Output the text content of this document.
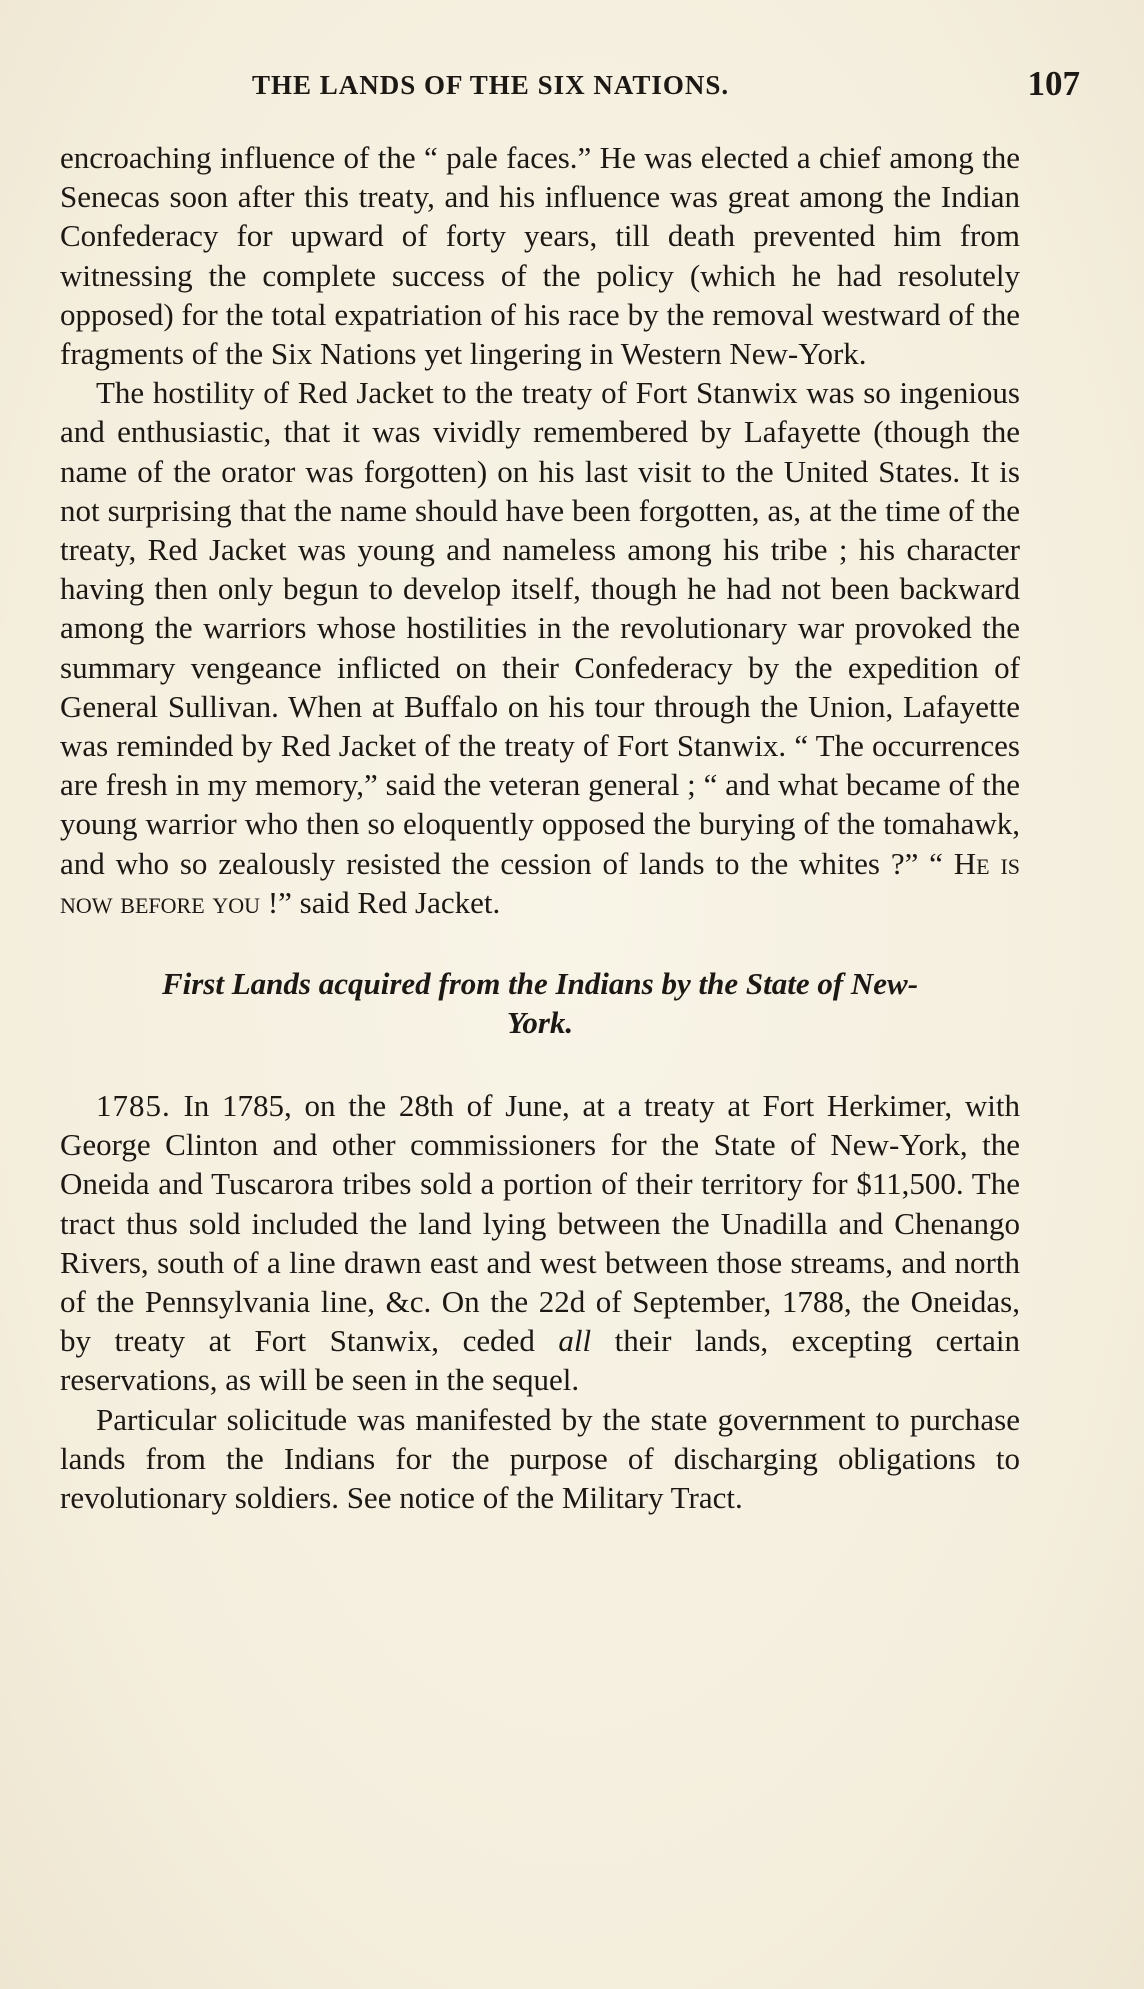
THE LANDS OF THE SIX NATIONS.	107

encroaching influence of the “ pale faces.” He was elected a chief among the Senecas soon after this treaty, and his influence was great among the Indian Confederacy for upward of forty years, till death prevented him from witnessing the complete success of the policy (which he had resolutely opposed) for the total expatriation of his race by the removal westward of the fragments of the Six Nations yet lingering in Western New-York.

The hostility of Red Jacket to the treaty of Fort Stanwix was so ingenious and enthusiastic, that it was vividly remembered by Lafayette (though the name of the orator was forgotten) on his last visit to the United States. It is not surprising that the name should have been forgotten, as, at the time of the treaty, Red Jacket was young and nameless among his tribe ; his character having then only begun to develop itself, though he had not been backward among the warriors whose hostilities in the revolutionary war provoked the summary vengeance inflicted on their Confederacy by the expedition of General Sullivan. When at Buffalo on his tour through the Union, Lafayette was reminded by Red Jacket of the treaty of Fort Stanwix. “ The occurrences are fresh in my memory,” said the veteran general ; “ and what became of the young warrior who then so eloquently opposed the burying of the tomahawk, and who so zealously resisted the cession of lands to the whites ?” “ He is now before you !” said Red Jacket.

First Lands acquired from the Indians by the State of New-
York.

1785. In 1785, on the 28th of June, at a treaty at Fort Herkimer, with George Clinton and other commissioners for the State of New-York, the Oneida and Tuscarora tribes sold a portion of their territory for $11,500. The tract thus sold included the land lying between the Unadilla and Chenango Rivers, south of a line drawn east and west between those streams, and north of the Pennsylvania line, &c. On the 22d of September, 1788, the Oneidas, by treaty at Fort Stanwix, ceded all their lands, excepting certain reservations, as will be seen in the sequel.

Particular solicitude was manifested by the state government to purchase lands from the Indians for the purpose of discharging obligations to revolutionary soldiers. See notice of the Military Tract.
